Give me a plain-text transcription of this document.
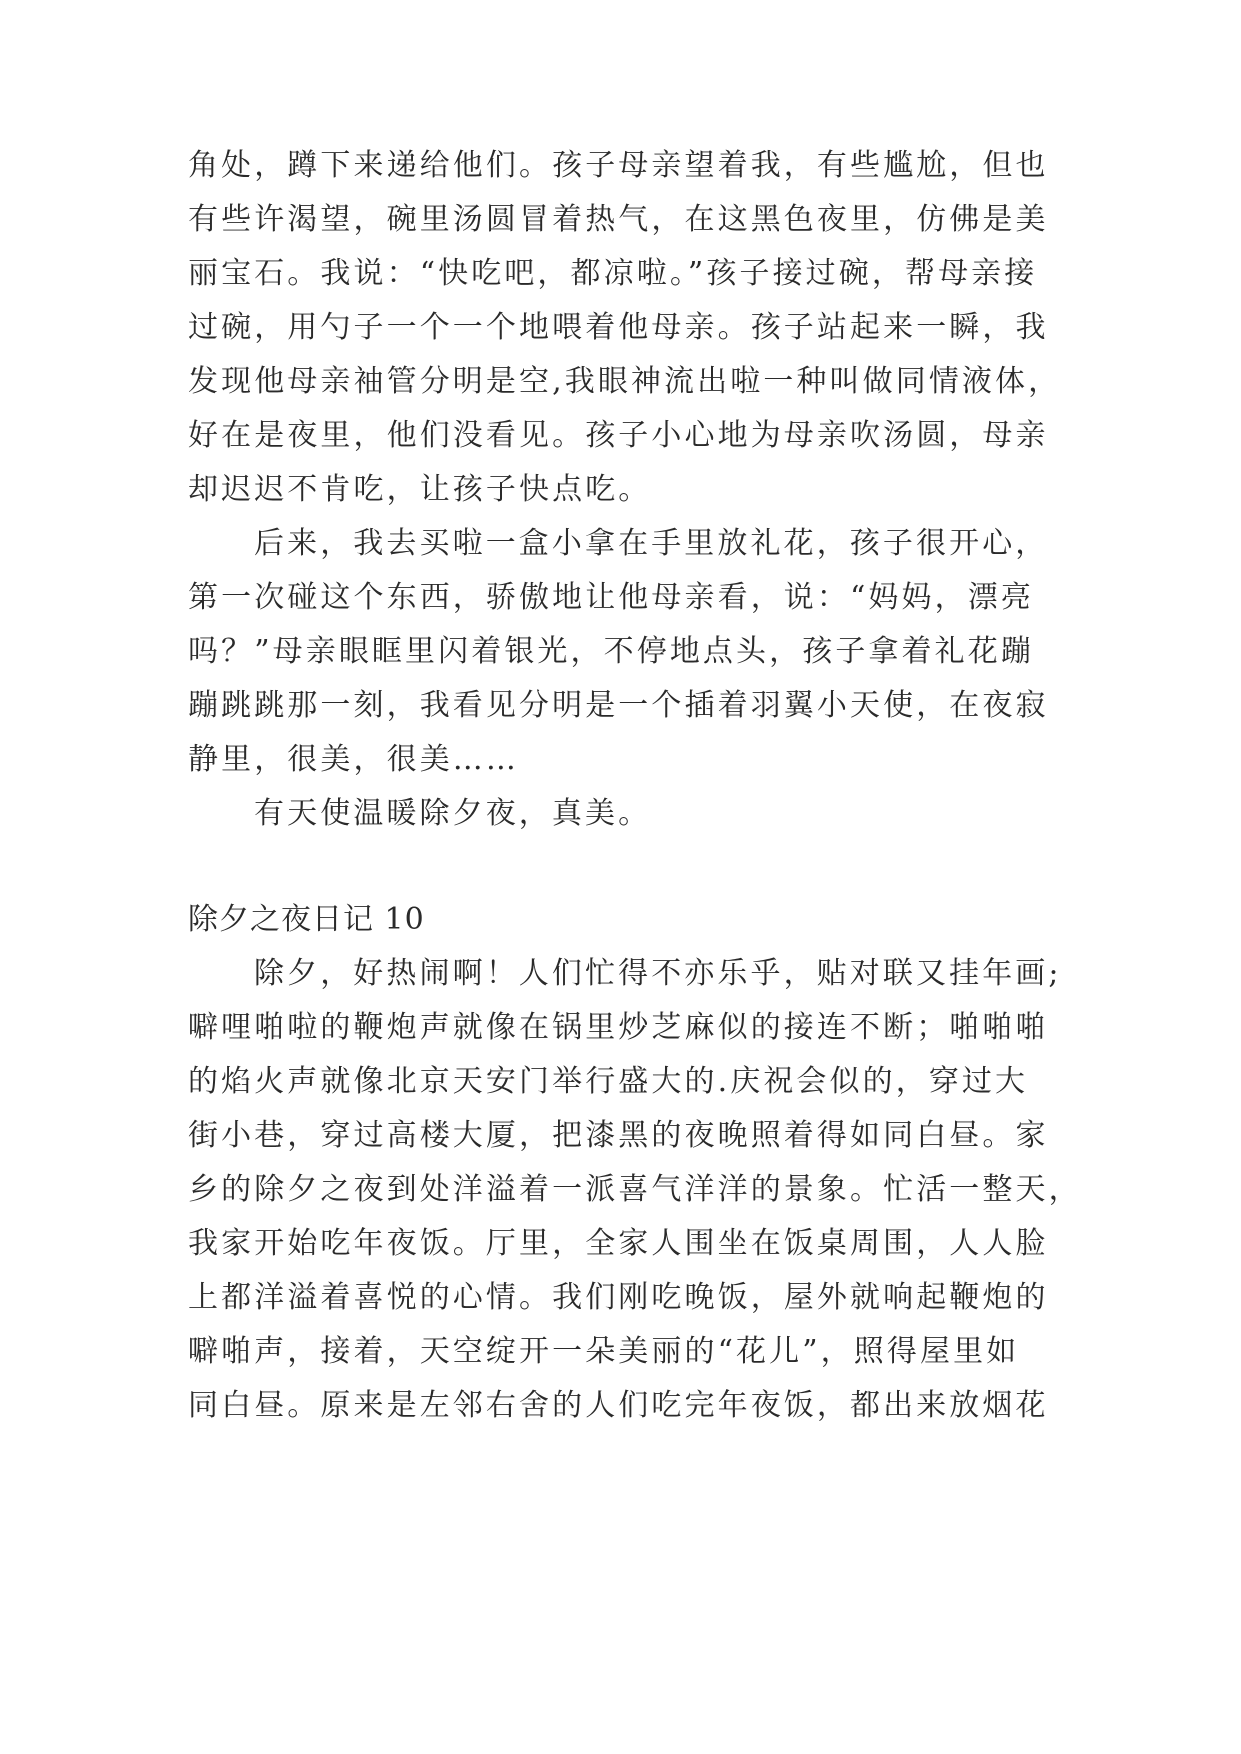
角处，蹲下来递给他们。孩子母亲望着我，有些尴尬，但也
有些许渴望，碗里汤圆冒着热气，在这黑色夜里，仿佛是美
丽宝石。我说：“快吃吧，都凉啦。”孩子接过碗，帮母亲接
过碗，用勺子一个一个地喂着他母亲。孩子站起来一瞬，我
发现他母亲袖管分明是空,我眼神流出啦一种叫做同情液体，
好在是夜里，他们没看见。孩子小心地为母亲吹汤圆，母亲
却迟迟不肯吃，让孩子快点吃。
后来，我去买啦一盒小拿在手里放礼花，孩子很开心，
第一次碰这个东西，骄傲地让他母亲看，说：“妈妈，漂亮
吗？”母亲眼眶里闪着银光，不停地点头，孩子拿着礼花蹦
蹦跳跳那一刻，我看见分明是一个插着羽翼小天使，在夜寂
静里，很美，很美……
有天使温暖除夕夜，真美。
除夕之夜日记 10
除夕，好热闹啊！人们忙得不亦乐乎，贴对联又挂年画;
噼哩啪啦的鞭炮声就像在锅里炒芝麻似的接连不断；啪啪啪
的焰火声就像北京天安门举行盛大的.庆祝会似的，穿过大
街小巷，穿过高楼大厦，把漆黑的夜晚照着得如同白昼。家
乡的除夕之夜到处洋溢着一派喜气洋洋的景象。忙活一整天，
我家开始吃年夜饭。厅里，全家人围坐在饭桌周围，人人脸
上都洋溢着喜悦的心情。我们刚吃晚饭，屋外就响起鞭炮的
噼啪声，接着，天空绽开一朵美丽的“花儿”，照得屋里如
同白昼。原来是左邻右舍的人们吃完年夜饭，都出来放烟花
